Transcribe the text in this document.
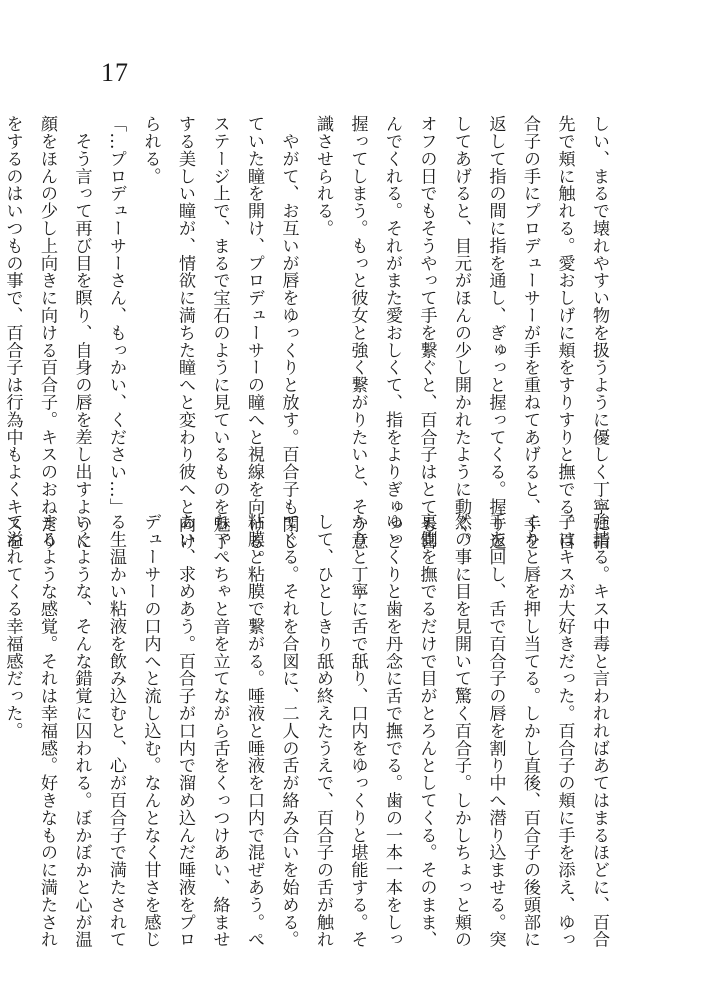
17
しい、まるで壊れやすい物を扱うように優しく丁寧に指
先で頬に触れる。愛おしげに頬をすりすりと撫でる。百
合子の手にプロデューサーが手を重ねてあげると、手を
返して指の間に指を通し、ぎゅっと握ってくる。握り返
してあげると、目元がほんの少し開かれたように動く。
オフの日でもそうやって手を繋ぐと、百合子はとても喜
んでくれる。それがまた愛おしくて、指をよりぎゅっと
握ってしまう。もっと彼女と強く繋がりたいと、そう意
識させられる。
　やがて、お互いが唇をゆっくりと放す。百合子も閉じ
ていた瞳を開け、プロデューサーの瞳へと視線を向ける。
ステージ上で、まるで宝石のように見ているものを魅了
する美しい瞳が、情欲に満ちた瞳へと変わり彼へと向け
られる。
「…プロデューサーさん、もっかい、ください…」
　そう言って再び目を瞑り、自身の唇を差し出すように
顔をほんの少し上向きに向ける百合子。キスのおねだり
をするのはいつもの事で、百合子は行為中もよくキスを
強請る。キス中毒と言われればあてはまるほどに、百合
子はキスが大好きだった。百合子の頬に手を添え、ゆっ
くりと唇を押し当てる。しかし直後、百合子の後頭部に
手を回し、舌で百合子の唇を割り中へ潜り込ませる。突
然の事に目を見開いて驚く百合子。しかしちょっと頬の
裏側を撫でるだけで目がとろんとしてくる。そのまま、
ゆっくりと歯を丹念に舌で撫でる。歯の一本一本をしっ
かりと丁寧に舌で舐り、口内をゆっくりと堪能する。そ
して、ひとしきり舐め終えたうえで、百合子の舌が触れ
てくる。それを合図に、二人の舌が絡み合いを始める。
粘膜と粘膜で繋がる。唾液と唾液を口内で混ぜあう。ぺ
ちゃぺちゃと音を立てながら舌をくっつけあい、絡ませ
あい、求めあう。百合子が口内で溜め込んだ唾液をプロ
デューサーの口内へと流し込む。なんとなく甘さを感じ
る生温かい粘液を飲み込むと、心が百合子で満たされて
いくような、そんな錯覚に囚われる。ぼかぼかと心が温
まるような感覚。それは幸福感。好きなものに満たされ
て溢れてくる幸福感だった。
